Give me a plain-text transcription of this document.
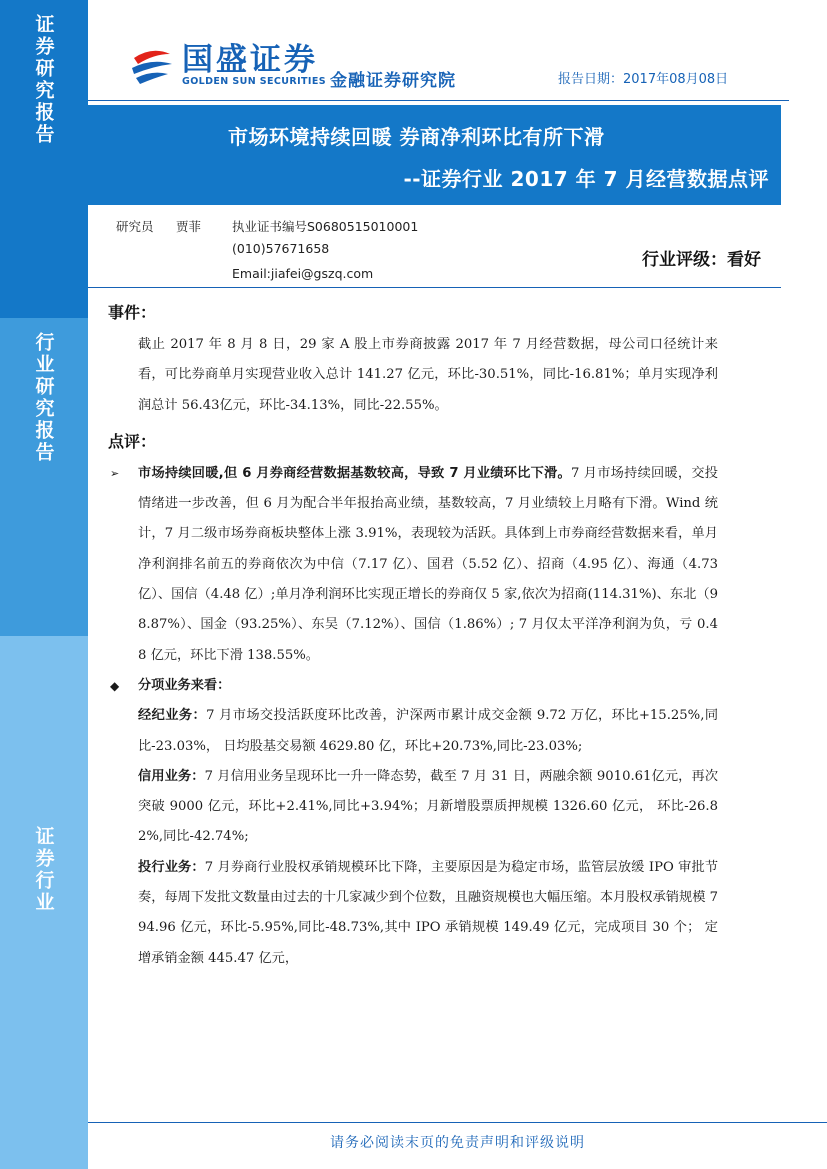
证券研究报告
行业研究报告
证券行业
国盛证券
GOLDEN SUN SECURITIES 金融证券研究院	报告日期：2017年08月08日
市场环境持续回暖 券商净利环比有所下滑
--证券行业 2017 年 7 月经营数据点评
研究员 贾菲 执业证书编号S0680515010001
(010)57671658
Email:jiafei@gszq.com
行业评级：看好
事件：
截止 2017 年 8 月 8 日，29 家 A 股上市券商披露 2017 年 7 月经营数据，母公司口径统计来看，可比券商单月实现营业收入总计 141.27 亿元，环比-30.51%，同比-16.81%；单月实现净利润总计 56.43亿元，环比-34.13%，同比-22.55%。
点评：
➢ 市场持续回暖,但 6 月券商经营数据基数较高，导致 7 月业绩环比下滑。7 月市场持续回暖，交投情绪进一步改善，但 6 月为配合半年报抬高业绩，基数较高，7 月业绩较上月略有下滑。Wind 统计，7 月二级市场券商板块整体上涨 3.91%，表现较为活跃。具体到上市券商经营数据来看，单月净利润排名前五的券商依次为中信（7.17 亿）、国君（5.52 亿）、招商（4.95 亿）、海通（4.73 亿）、国信（4.48 亿）;单月净利润环比实现正增长的券商仅 5 家,依次为招商(114.31%)、东北（98.87%）、国金（93.25%）、东吴（7.12%）、国信（1.86%）; 7 月仅太平洋净利润为负，亏 0.48 亿元，环比下滑 138.55%。
◆ 分项业务来看：
经纪业务：7 月市场交投活跃度环比改善，沪深两市累计成交金额 9.72 万亿，环比+15.25%,同比-23.03%， 日均股基交易额 4629.80 亿，环比+20.73%,同比-23.03%;
信用业务：7 月信用业务呈现环比一升一降态势，截至 7 月 31 日，两融余额 9010.61亿元，再次突破 9000 亿元，环比+2.41%,同比+3.94%；月新增股票质押规模 1326.60 亿元， 环比-26.82%,同比-42.74%;
投行业务：7 月券商行业股权承销规模环比下降，主要原因是为稳定市场，监管层放缓 IPO 审批节奏，每周下发批文数量由过去的十几家减少到个位数，且融资规模也大幅压缩。本月股权承销规模 794.96 亿元，环比-5.95%,同比-48.73%,其中 IPO 承销规模 149.49 亿元，完成项目 30 个； 定增承销金额 445.47 亿元，
请务必阅读末页的免责声明和评级说明
